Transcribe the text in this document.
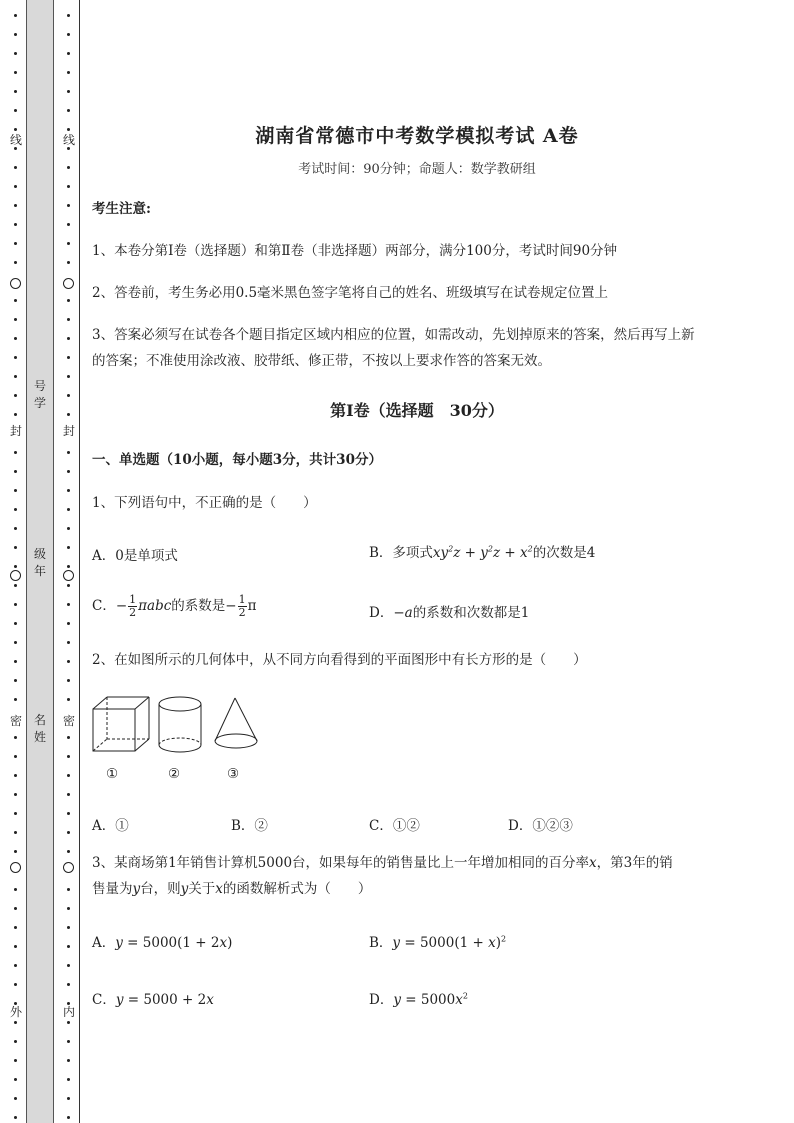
线
封
密
外
线
封
密
内
号学
级年
名姓
湖南省常德市中考数学模拟考试 A卷
考试时间：90分钟；命题人：数学教研组
考生注意:
1、本卷分第Ⅰ卷（选择题）和第Ⅱ卷（非选择题）两部分，满分100分，考试时间90分钟
2、答卷前，考生务必用0.5毫米黑色签字笔将自己的姓名、班级填写在试卷规定位置上
3、答案必须写在试卷各个题目指定区域内相应的位置，如需改动，先划掉原来的答案，然后再写上新
的答案；不准使用涂改液、胶带纸、修正带，不按以上要求作答的答案无效。
第Ⅰ卷（选择题　30分）
一、单选题（10小题，每小题3分，共计30分）
1、下列语句中，不正确的是（　　）
A．0是单项式	B．多项式$xy^2z + y^2z + x^2$的次数是4
C．− $\frac{1}{2}$ πabc的系数是− $\frac{1}{2}$ π	D．−a的系数和次数都是1
2、在如图所示的几何体中，从不同方向看得到的平面图形中有长方形的是（　　）
①	②	③
A．①	B．②	C．①②	D．①②③
3、某商场第1年销售计算机5000台，如果每年的销售量比上一年增加相同的百分率x，第3年的销
售量为y台，则y关于x的函数解析式为（　　）
A．y = 5000(1 + 2x)	B．$y = 5000(1 + x)^2$
C．y = 5000 + 2x	D．$y = 5000x^2$
